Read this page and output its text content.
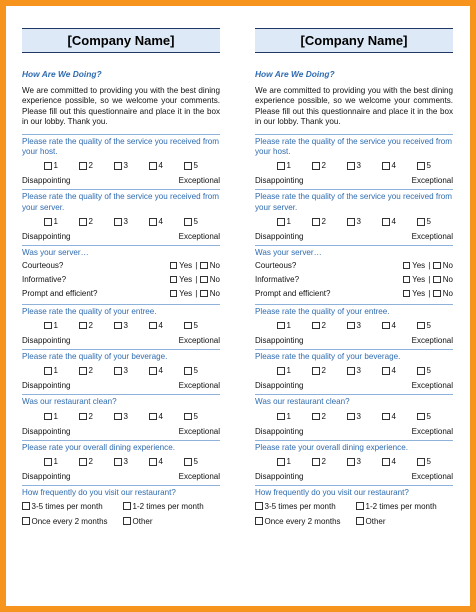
[Company Name]
How Are We Doing?
We are committed to providing you with the best dining experience possible, so we welcome your comments. Please fill out this questionnaire and place it in the box in our lobby. Thank you.
Please rate the quality of the service you received from your host.
1	2	3	4	5
Disappointing	Exceptional
Please rate the quality of the service you received from your server.
1	2	3	4	5
Disappointing	Exceptional
Was your server…
Courteous?	Yes | No
Informative?	Yes | No
Prompt and efficient?	Yes | No
Please rate the quality of your entree.
1	2	3	4	5
Disappointing	Exceptional
Please rate the quality of your beverage.
1	2	3	4	5
Disappointing	Exceptional
Was our restaurant clean?
1	2	3	4	5
Disappointing	Exceptional
Please rate your overall dining experience.
1	2	3	4	5
Disappointing	Exceptional
How frequently do you visit our restaurant?
3-5 times per month	1-2 times per month
Once every 2 months	Other
[Company Name]
How Are We Doing?
We are committed to providing you with the best dining experience possible, so we welcome your comments. Please fill out this questionnaire and place it in the box in our lobby. Thank you.
Please rate the quality of the service you received from your host.
1	2	3	4	5
Disappointing	Exceptional
Please rate the quality of the service you received from your server.
1	2	3	4	5
Disappointing	Exceptional
Was your server…
Courteous?	Yes | No
Informative?	Yes | No
Prompt and efficient?	Yes | No
Please rate the quality of your entree.
1	2	3	4	5
Disappointing	Exceptional
Please rate the quality of your beverage.
1	2	3	4	5
Disappointing	Exceptional
Was our restaurant clean?
1	2	3	4	5
Disappointing	Exceptional
Please rate your overall dining experience.
1	2	3	4	5
Disappointing	Exceptional
How frequently do you visit our restaurant?
3-5 times per month	1-2 times per month
Once every 2 months	Other
